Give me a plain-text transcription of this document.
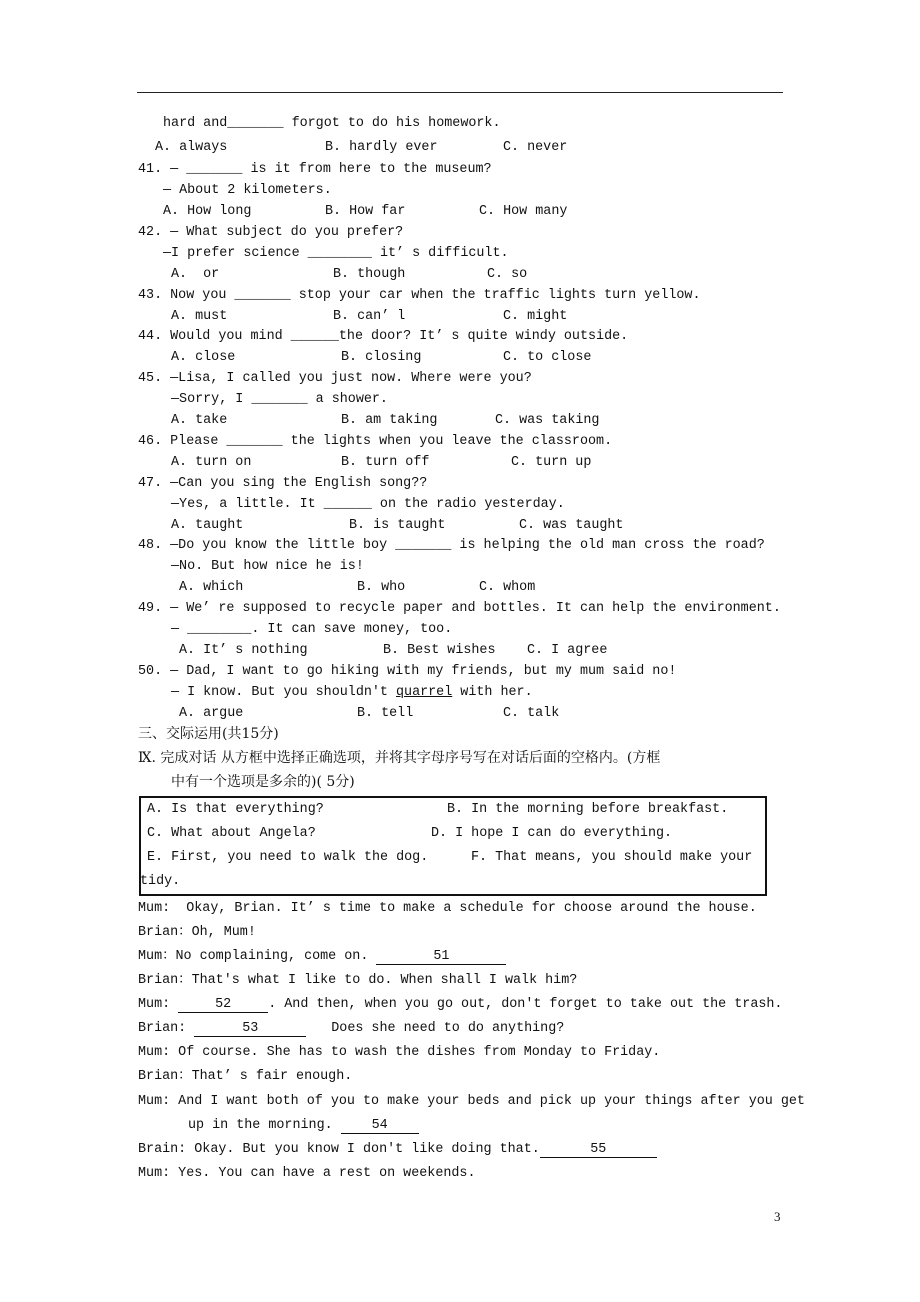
hard and_______ forgot to do his homework.
A. always	B. hardly ever	C. never
41. — _______ is it from here to the museum?
— About 2 kilometers.
A. How long	B. How far	C. How many
42. — What subject do you prefer?
—I prefer science ________ it’ s difficult.
A.  or	B. though	C. so
43. Now you _______ stop your car when the traffic lights turn yellow.
A. must	B. can’ l	C. might
44. Would you mind ______the door? It’ s quite windy outside.
A. close	B. closing	C. to close
45. —Lisa, I called you just now. Where were you?
—Sorry, I _______ a shower.
A. take	B. am taking	C. was taking
46. Please _______ the lights when you leave the classroom.
A. turn on	B. turn off	C. turn up
47. —Can you sing the English song??
—Yes, a little. It ______ on the radio yesterday.
A. taught	B. is taught	C. was taught
48. —Do you know the little boy _______ is helping the old man cross the road?
—No. But how nice he is!
A. which	B. who	C. whom
49. — We’ re supposed to recycle paper and bottles. It can help the environment.
— ________. It can save money, too.
A. It’ s nothing	B. Best wishes C. I agree
50. — Dad, I want to go hiking with my friends, but my mum said no!
— I know. But you shouldn't quarrel with her.
A. argue	B. tell	C. talk
三、交际运用(共15分)
Ⅸ. 完成对话 从方框中选择正确选项，并将其字母序号写在对话后面的空格内。(方框
中有一个选项是多余的)( 5分)
A. Is that everything?	B. In the morning before breakfast.
C. What about Angela?	D. I hope I can do everything.
E. First, you need to walk the dog.	F. That means, you should make your
tidy.
Mum:  Okay, Brian. It’ s time to make a schedule for choose around the house.
Brian：Oh, Mum!
Mum：No complaining, come on.	51
Brian：That's what I like to do. When shall I walk him?
Mum:	52	. And then, when you go out, don't forget to take out the trash.
Brian:	53	Does she need to do anything?
Mum: Of course. She has to wash the dishes from Monday to Friday.
Brian：That’ s fair enough.
Mum: And I want both of you to make your beds and pick up your things after you get
up in the morning. 54
Brain: Okay. But you know I don't like doing that.	55
Mum: Yes. You can have a rest on weekends.
3
